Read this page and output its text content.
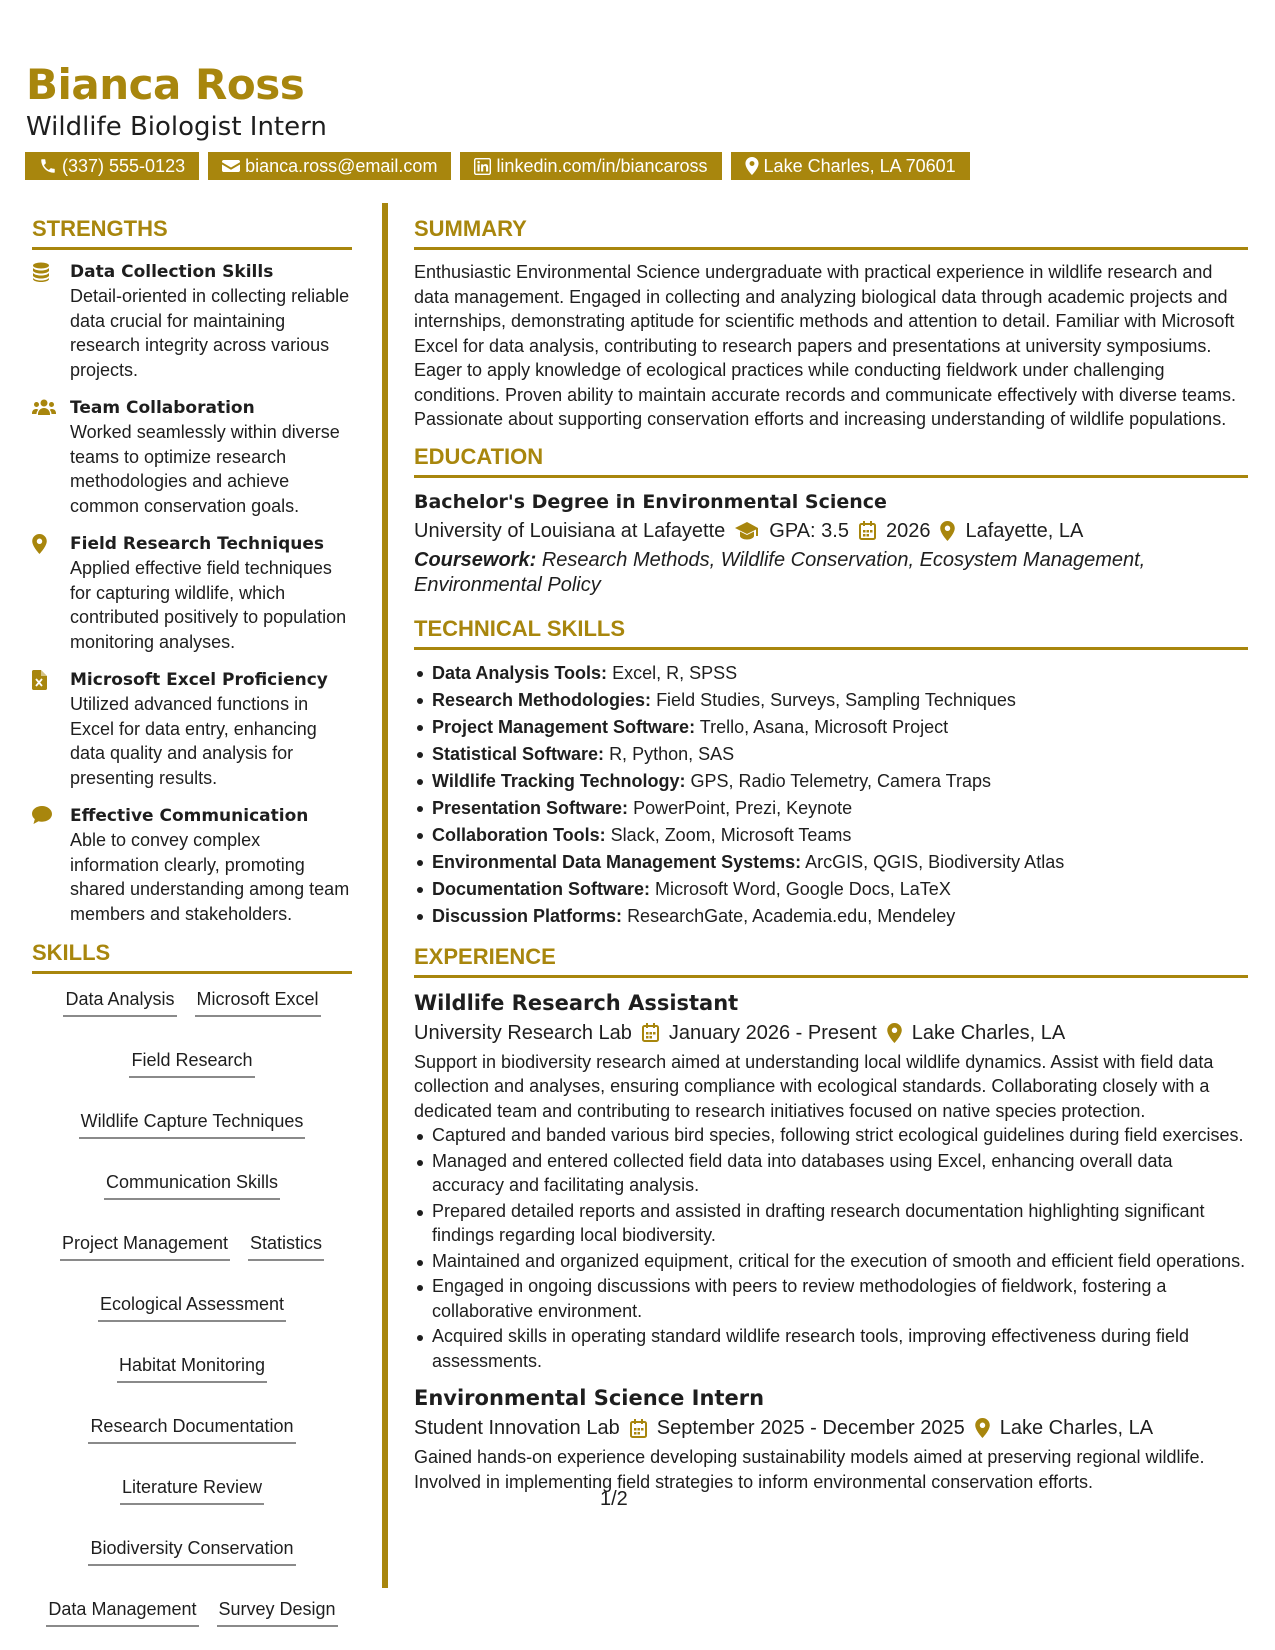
Bianca Ross
Wildlife Biologist Intern
(337) 555-0123	bianca.ross@email.com	linkedin.com/in/biancaross	Lake Charles, LA 70601
STRENGTHS
Data Collection Skills
Detail-oriented in collecting reliable data crucial for maintaining research integrity across various projects.
Team Collaboration
Worked seamlessly within diverse teams to optimize research methodologies and achieve common conservation goals.
Field Research Techniques
Applied effective field techniques for capturing wildlife, which contributed positively to population monitoring analyses.
Microsoft Excel Proficiency
Utilized advanced functions in Excel for data entry, enhancing data quality and analysis for presenting results.
Effective Communication
Able to convey complex information clearly, promoting shared understanding among team members and stakeholders.
SKILLS
Data Analysis Microsoft Excel
Field Research
Wildlife Capture Techniques
Communication Skills
Project Management Statistics
Ecological Assessment
Habitat Monitoring
Research Documentation
Literature Review
Biodiversity Conservation
Data Management Survey Design
SUMMARY
Enthusiastic Environmental Science undergraduate with practical experience in wildlife research and data management. Engaged in collecting and analyzing biological data through academic projects and internships, demonstrating aptitude for scientific methods and attention to detail. Familiar with Microsoft Excel for data analysis, contributing to research papers and presentations at university symposiums. Eager to apply knowledge of ecological practices while conducting fieldwork under challenging conditions. Proven ability to maintain accurate records and communicate effectively with diverse teams. Passionate about supporting conservation efforts and increasing understanding of wildlife populations.
EDUCATION
Bachelor's Degree in Environmental Science
University of Louisiana at Lafayette GPA: 3.5 2026 Lafayette, LA
Coursework: Research Methods, Wildlife Conservation, Ecosystem Management, Environmental Policy
TECHNICAL SKILLS
Data Analysis Tools: Excel, R, SPSS
Research Methodologies: Field Studies, Surveys, Sampling Techniques
Project Management Software: Trello, Asana, Microsoft Project
Statistical Software: R, Python, SAS
Wildlife Tracking Technology: GPS, Radio Telemetry, Camera Traps
Presentation Software: PowerPoint, Prezi, Keynote
Collaboration Tools: Slack, Zoom, Microsoft Teams
Environmental Data Management Systems: ArcGIS, QGIS, Biodiversity Atlas
Documentation Software: Microsoft Word, Google Docs, LaTeX
Discussion Platforms: ResearchGate, Academia.edu, Mendeley
EXPERIENCE
Wildlife Research Assistant
University Research Lab January 2026 - Present Lake Charles, LA
Support in biodiversity research aimed at understanding local wildlife dynamics. Assist with field data collection and analyses, ensuring compliance with ecological standards. Collaborating closely with a dedicated team and contributing to research initiatives focused on native species protection.
Captured and banded various bird species, following strict ecological guidelines during field exercises.
Managed and entered collected field data into databases using Excel, enhancing overall data accuracy and facilitating analysis.
Prepared detailed reports and assisted in drafting research documentation highlighting significant findings regarding local biodiversity.
Maintained and organized equipment, critical for the execution of smooth and efficient field operations.
Engaged in ongoing discussions with peers to review methodologies of fieldwork, fostering a collaborative environment.
Acquired skills in operating standard wildlife research tools, improving effectiveness during field assessments.
Environmental Science Intern
Student Innovation Lab September 2025 - December 2025 Lake Charles, LA
Gained hands-on experience developing sustainability models aimed at preserving regional wildlife. Involved in implementing field strategies to inform environmental conservation efforts.
1/2
